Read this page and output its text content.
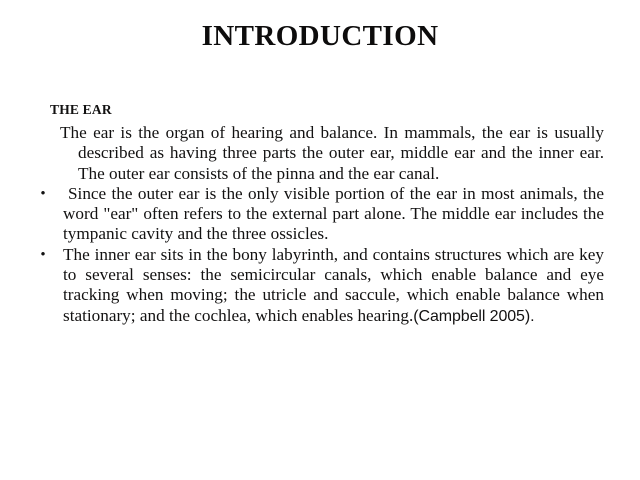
INTRODUCTION
THE EAR

The ear is the organ of hearing and balance. In mammals, the ear is usually described as having three parts the outer ear, middle ear and the inner ear. The outer ear consists of the pinna and the ear canal.

• Since the outer ear is the only visible portion of the ear in most animals, the word "ear" often refers to the external part alone. The middle ear includes the tympanic cavity and the three ossicles.
• The inner ear sits in the bony labyrinth, and contains structures which are key to several senses: the semicircular canals, which enable balance and eye tracking when moving; the utricle and saccule, which enable balance when stationary; and the cochlea, which enables hearing.(Campbell 2005).
